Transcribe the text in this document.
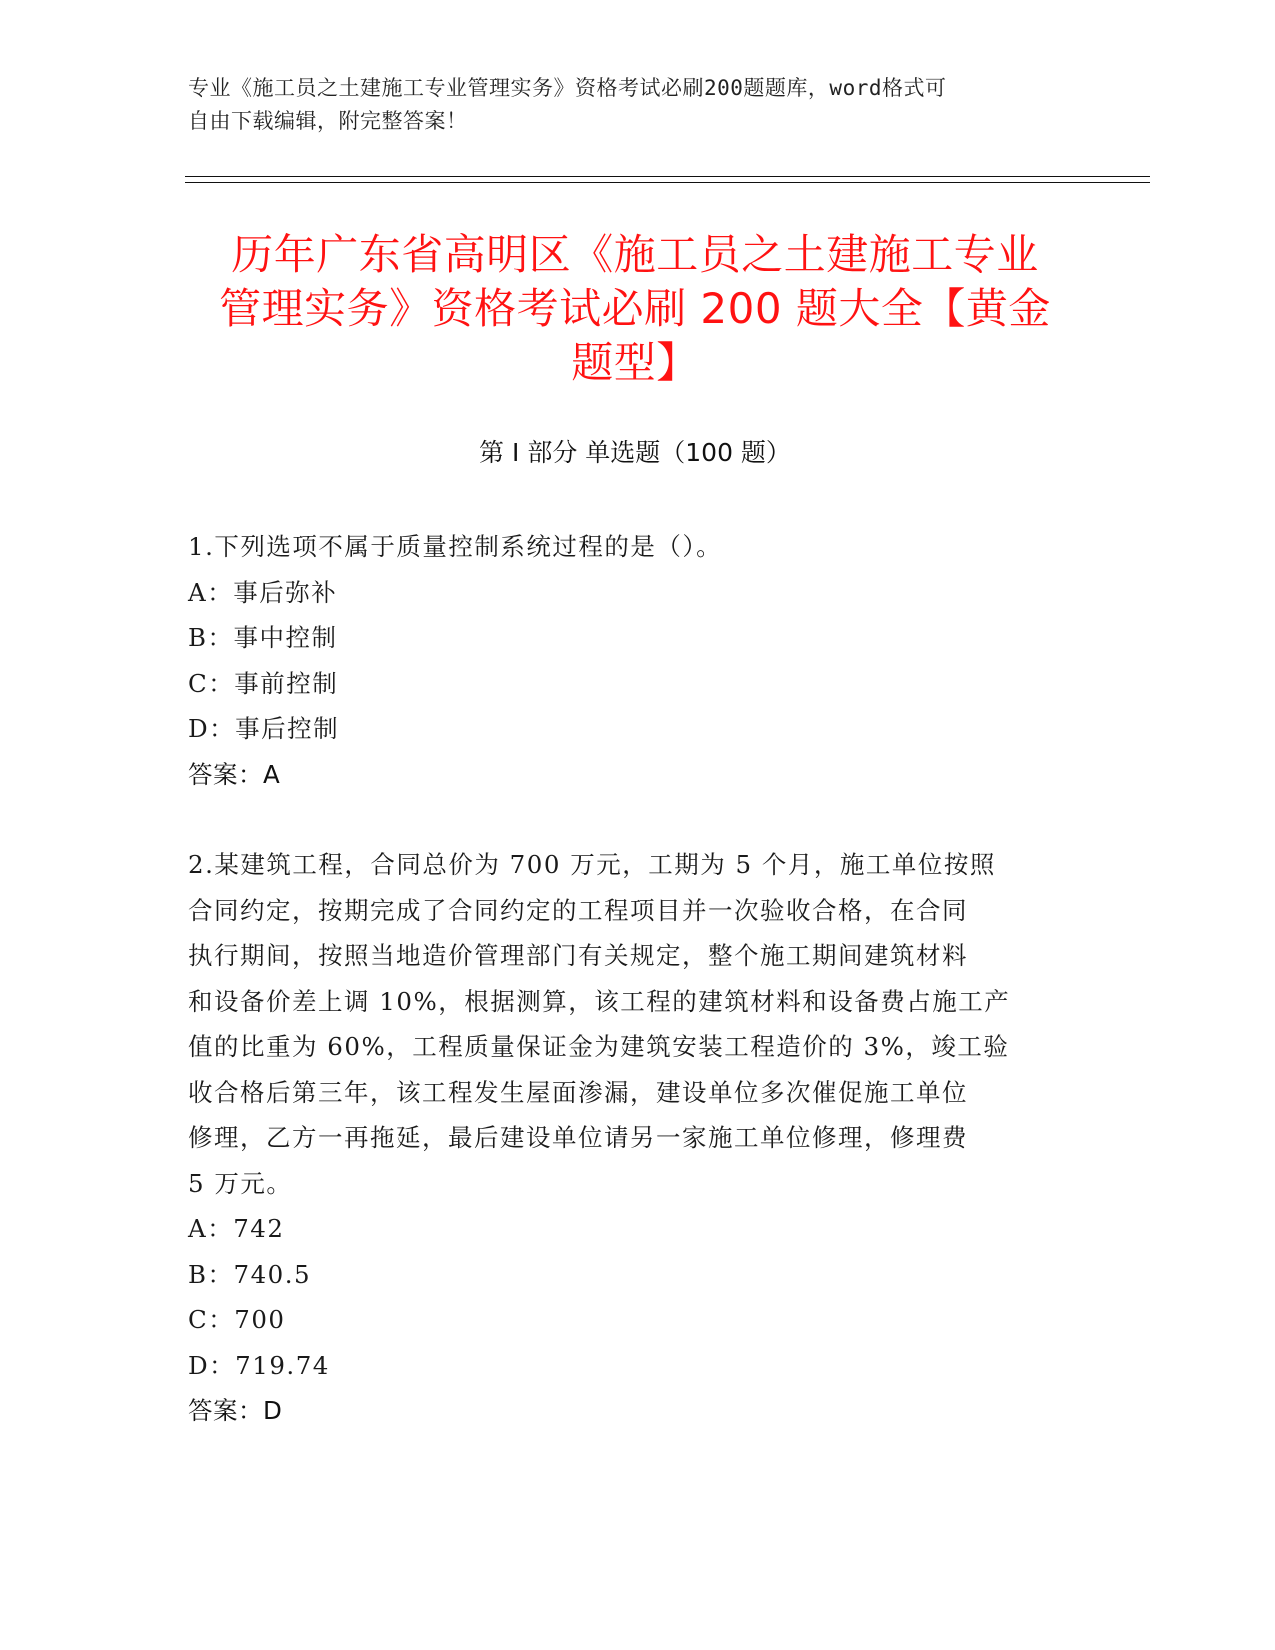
专业《施工员之土建施工专业管理实务》资格考试必刷200题题库，word格式可
自由下载编辑，附完整答案！
历年广东省高明区《施工员之土建施工专业
管理实务》资格考试必刷 200 题大全【黄金
题型】
第 I 部分 单选题（100 题）
1.下列选项不属于质量控制系统过程的是（）。
A：事后弥补
B：事中控制
C：事前控制
D：事后控制
答案：A
2.某建筑工程，合同总价为 700 万元，工期为 5 个月，施工单位按照
合同约定，按期完成了合同约定的工程项目并一次验收合格，在合同
执行期间，按照当地造价管理部门有关规定，整个施工期间建筑材料
和设备价差上调 10%，根据测算，该工程的建筑材料和设备费占施工产
值的比重为 60%，工程质量保证金为建筑安装工程造价的 3%，竣工验
收合格后第三年，该工程发生屋面渗漏，建设单位多次催促施工单位
修理，乙方一再拖延，最后建设单位请另一家施工单位修理，修理费
5 万元。
A：742
B：740.5
C：700
D：719.74
答案：D
